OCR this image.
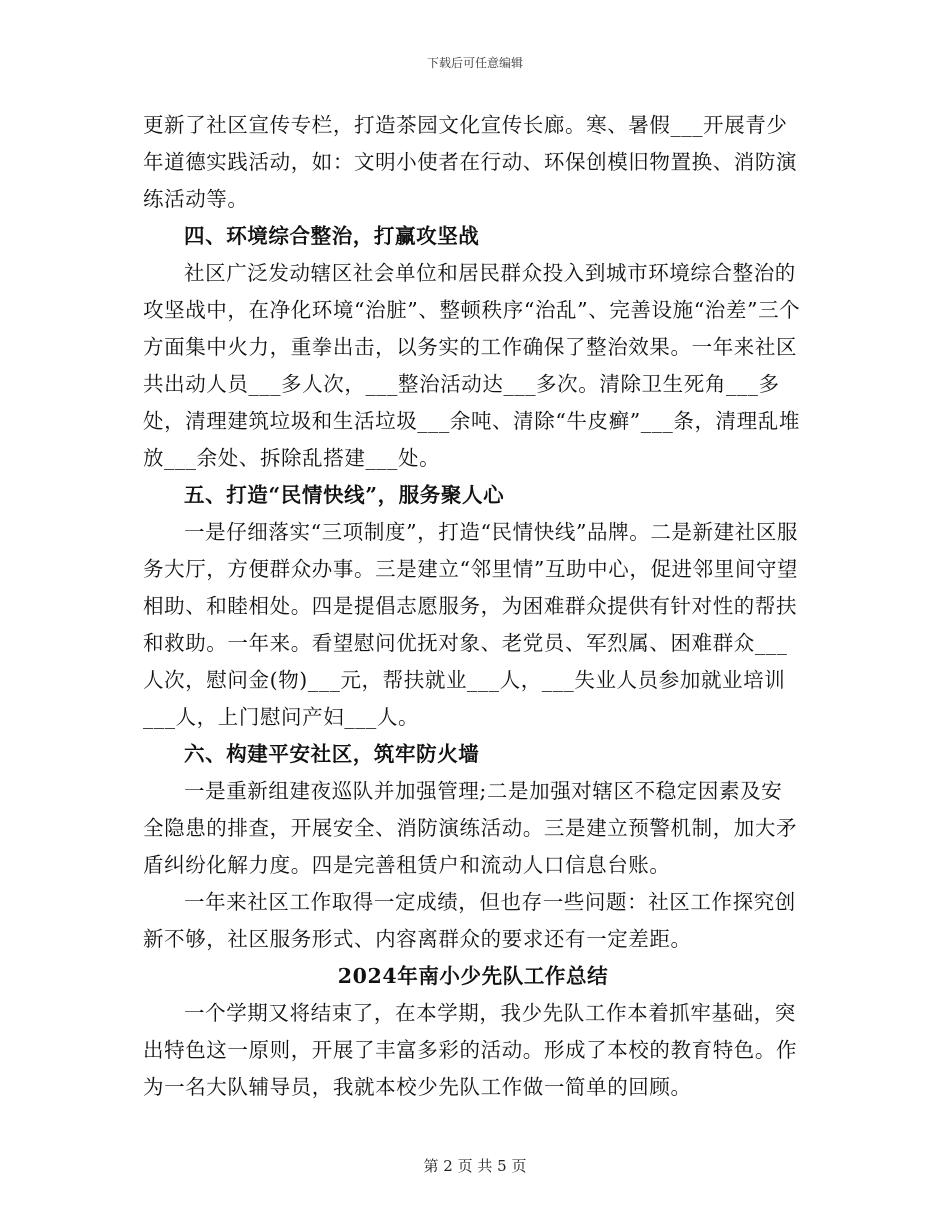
下载后可任意编辑

更新了社区宣传专栏，打造茶园文化宣传长廊。寒、暑假___开展青少年道德实践活动，如：文明小使者在行动、环保创模旧物置换、消防演练活动等。

四、环境综合整治，打赢攻坚战

社区广泛发动辖区社会单位和居民群众投入到城市环境综合整治的攻坚战中，在净化环境“治脏”、整顿秩序“治乱”、完善设施“治差”三个方面集中火力，重拳出击，以务实的工作确保了整治效果。一年来社区共出动人员___多人次，___整治活动达___多次。清除卫生死角___多处，清理建筑垃圾和生活垃圾___余吨、清除“牛皮癣”___条，清理乱堆放___余处、拆除乱搭建___处。

五、打造“民情快线”，服务聚人心

一是仔细落实“三项制度”，打造“民情快线”品牌。二是新建社区服务大厅，方便群众办事。三是建立“邻里情”互助中心，促进邻里间守望相助、和睦相处。四是提倡志愿服务，为困难群众提供有针对性的帮扶和救助。一年来。看望慰问优抚对象、老党员、军烈属、困难群众___人次，慰问金(物)___元，帮扶就业___人，___失业人员参加就业培训___人，上门慰问产妇___人。

六、构建平安社区，筑牢防火墙

一是重新组建夜巡队并加强管理;二是加强对辖区不稳定因素及安全隐患的排查，开展安全、消防演练活动。三是建立预警机制，加大矛盾纠纷化解力度。四是完善租赁户和流动人口信息台账。

一年来社区工作取得一定成绩，但也存一些问题：社区工作探究创新不够，社区服务形式、内容离群众的要求还有一定差距。

2024年南小少先队工作总结

一个学期又将结束了，在本学期，我少先队工作本着抓牢基础，突出特色这一原则，开展了丰富多彩的活动。形成了本校的教育特色。作为一名大队辅导员，我就本校少先队工作做一简单的回顾。

第 2 页 共 5 页
